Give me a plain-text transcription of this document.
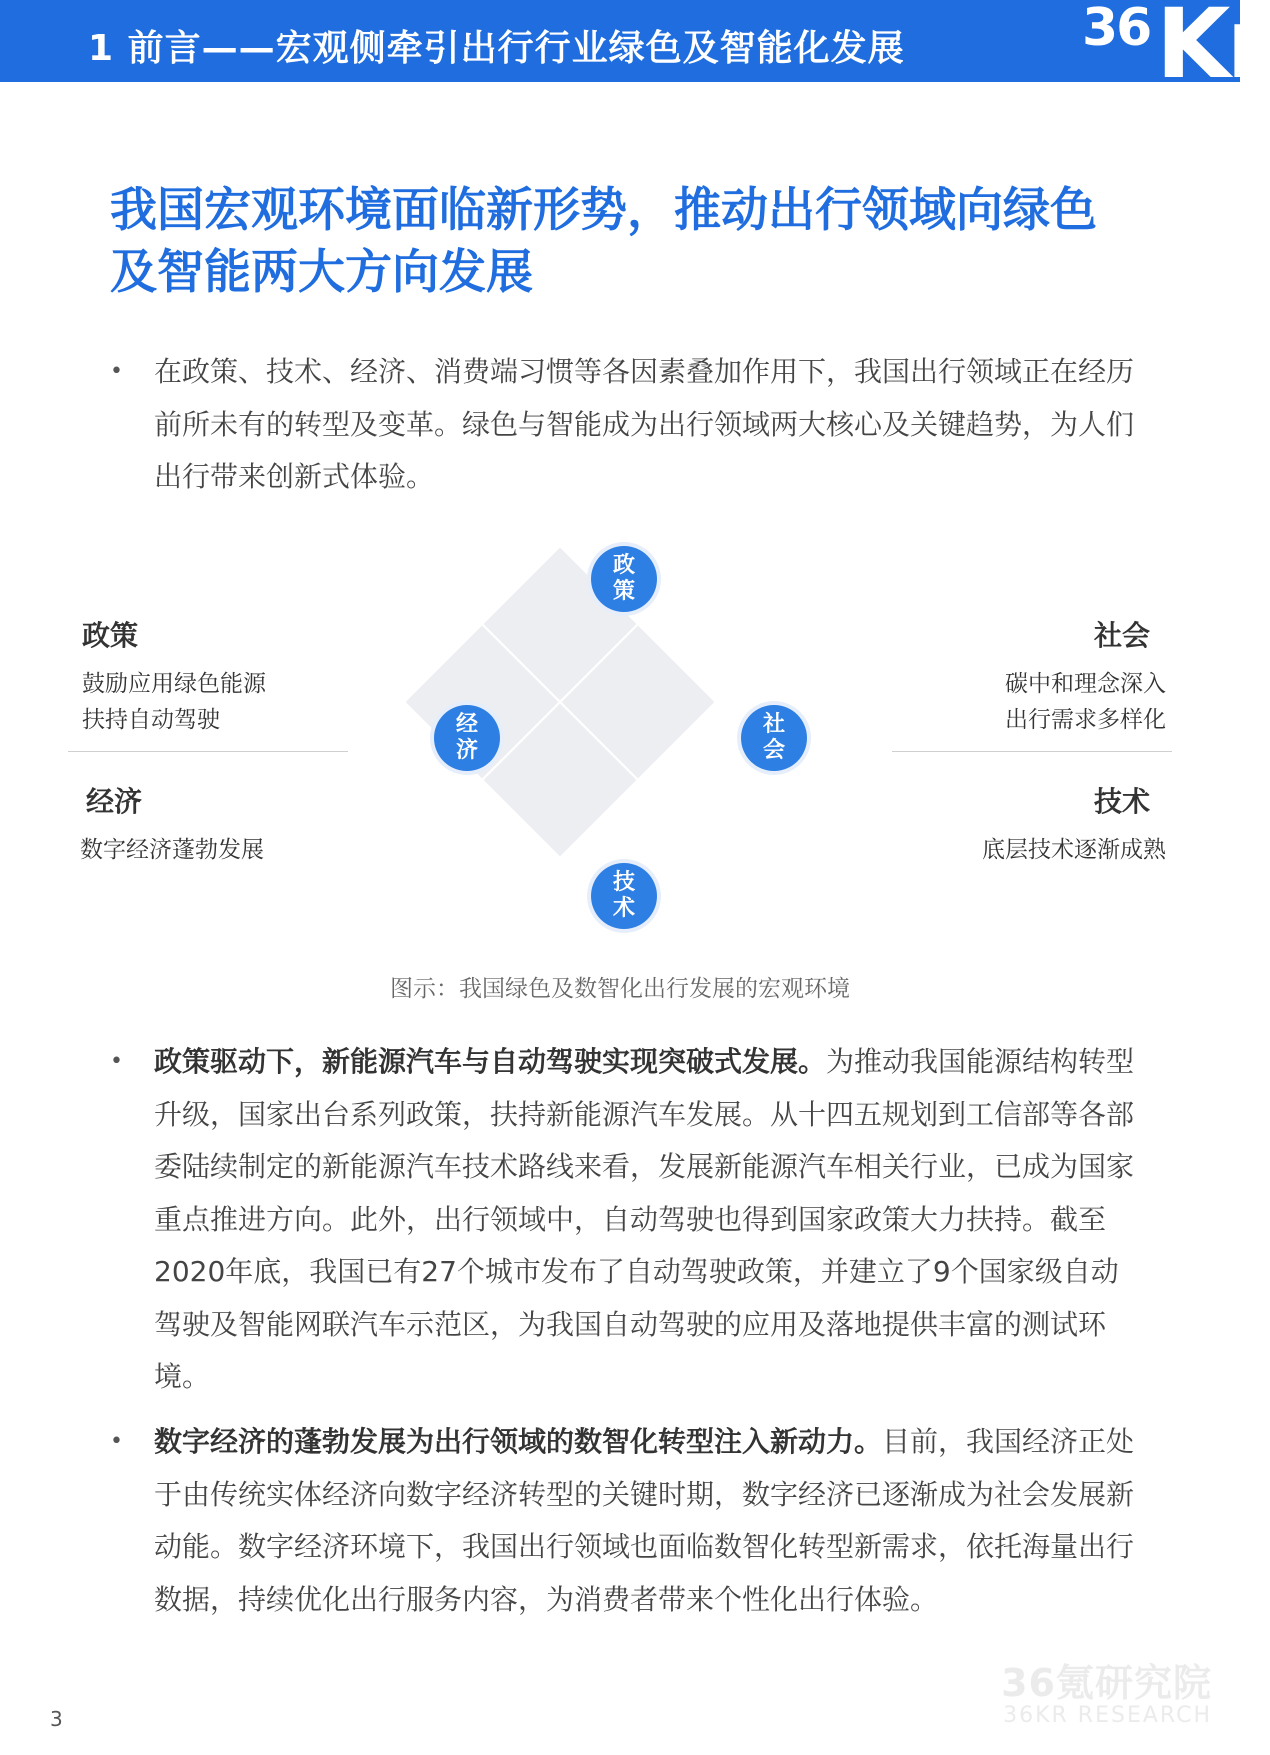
1 前言——宏观侧牵引出行行业绿色及智能化发展	36 Kr
我国宏观环境面临新形势，推动出行领域向绿色及智能两大方向发展
•	在政策、技术、经济、消费端习惯等各因素叠加作用下，我国出行领域正在经历前所未有的转型及变革。绿色与智能成为出行领域两大核心及关键趋势，为人们出行带来创新式体验。
政
策
经
济
社
会
技
术
政策
鼓励应用绿色能源
扶持自动驾驶
经济
数字经济蓬勃发展
社会
碳中和理念深入
出行需求多样化
技术
底层技术逐渐成熟
图示：我国绿色及数智化出行发展的宏观环境
•	政策驱动下，新能源汽车与自动驾驶实现突破式发展。为推动我国能源结构转型升级，国家出台系列政策，扶持新能源汽车发展。从十四五规划到工信部等各部委陆续制定的新能源汽车技术路线来看，发展新能源汽车相关行业，已成为国家重点推进方向。此外，出行领域中，自动驾驶也得到国家政策大力扶持。截至2020年底，我国已有27个城市发布了自动驾驶政策，并建立了9个国家级自动驾驶及智能网联汽车示范区，为我国自动驾驶的应用及落地提供丰富的测试环境。
•	数字经济的蓬勃发展为出行领域的数智化转型注入新动力。目前，我国经济正处于由传统实体经济向数字经济转型的关键时期，数字经济已逐渐成为社会发展新动能。数字经济环境下，我国出行领域也面临数智化转型新需求，依托海量出行数据，持续优化出行服务内容，为消费者带来个性化出行体验。
3
36氪研究院
36KR RESEARCH
